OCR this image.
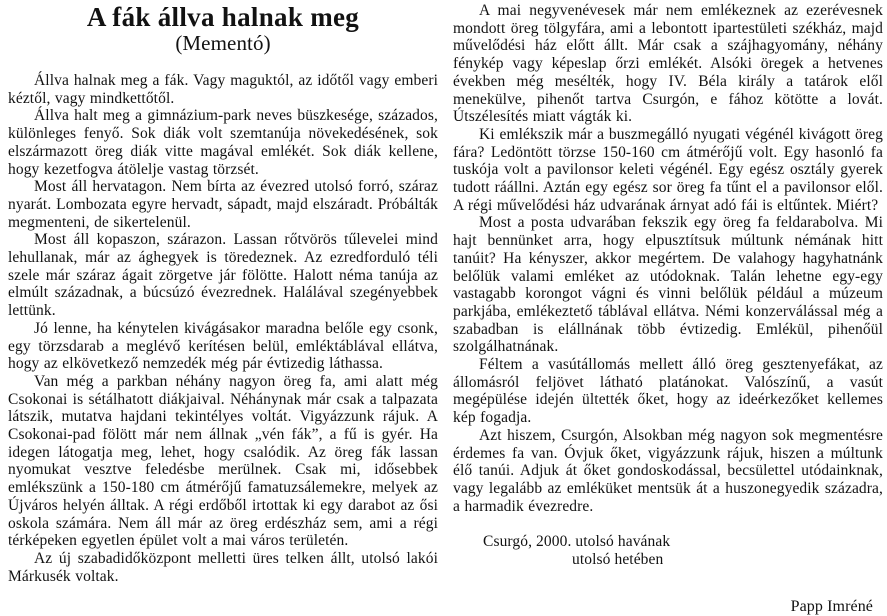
A fák állva halnak meg
(Mementó)

Állva halnak meg a fák. Vagy maguktól, az időtől vagy emberi kéztől, vagy mindkettőtől.

Állva halt meg a gimnázium-park neves büszkesége, százados, különleges fenyő. Sok diák volt szemtanúja növekedésének, sok elszármazott öreg diák vitte magával emlékét. Sok diák kellene, hogy kezetfogva átölelje vastag törzsét.

Most áll hervatagon. Nem bírta az évezred utolsó forró, száraz nyarát. Lombozata egyre hervadt, sápadt, majd elszáradt. Próbálták megmenteni, de sikertelenül.

Most áll kopaszon, szárazon. Lassan rőtvörös tűlevelei mind lehullanak, már az ághegyek is töredeznek. Az ezredforduló téli szele már száraz ágait zörgetve jár fölötte. Halott néma tanúja az elmúlt századnak, a búcsúzó évezrednek. Halálával szegényebbek lettünk.

Jó lenne, ha kénytelen kivágásakor maradna belőle egy csonk, egy törzsdarab a meglévő kerítésen belül, emléktáblával ellátva, hogy az elkövetkező nemzedék még pár évtizedig láthassa.

Van még a parkban néhány nagyon öreg fa, ami alatt még Csokonai is sétálhatott diákjaival. Néhánynak már csak a talpazata látszik, mutatva hajdani tekintélyes voltát. Vigyázzunk rájuk. A Csokonai-pad fölött már nem állnak „vén fák”, a fű is gyér. Ha idegen látogatja meg, lehet, hogy csalódik. Az öreg fák lassan nyomukat vesztve feledésbe merülnek. Csak mi, idősebbek emlékszünk a 150-180 cm átmérőjű famatuzsálemekre, melyek az Újváros helyén álltak. A régi erdőből irtottak ki egy darabot az ősi oskola számára. Nem áll már az öreg erdészház sem, ami a régi térképeken egyetlen épület volt a mai város területén.

Az új szabadidőközpont melletti üres telken állt, utolsó lakói Márkusék voltak.

A mai negyvenévesek már nem emlékeznek az ezerévesnek mondott öreg tölgyfára, ami a lebontott ipartestületi székház, majd művelődési ház előtt állt. Már csak a szájhagyomány, néhány fénykép vagy képeslap őrzi emlékét. Alsóki öregek a hetvenes években még mesélték, hogy IV. Béla király a tatárok elől menekülve, pihenőt tartva Csurgón, e fához kötötte a lovát. Útszélesítés miatt vágták ki.

Ki emlékszik már a buszmegálló nyugati végénél kivágott öreg fára? Ledöntött törzse 150-160 cm átmérőjű volt. Egy hasonló fa tuskója volt a pavilonsor keleti végénél. Egy egész osztály gyerek tudott ráállni. Aztán egy egész sor öreg fa tűnt el a pavilonsor elől. A régi művelődési ház udvarának árnyat adó fái is eltűntek. Miért?

Most a posta udvarában fekszik egy öreg fa feldarabolva. Mi hajt bennünket arra, hogy elpusztítsuk múltunk némának hitt tanúit? Ha kényszer, akkor megértem. De valahogy hagyhatnánk belőlük valami emléket az utódoknak. Talán lehetne egy-egy vastagabb korongot vágni és vinni belőlük például a múzeum parkjába, emlékeztető táblával ellátva. Némi konzerválással még a szabadban is elállnának több évtizedig. Emlékül, pihenőül szolgálhatnának.

Féltem a vasútállomás mellett álló öreg gesztenyefákat, az állomásról feljövet látható platánokat. Valószínű, a vasút megépülése idején ültették őket, hogy az ideérkezőket kellemes kép fogadja.

Azt hiszem, Csurgón, Alsokban még nagyon sok megmentésre érdemes fa van. Óvjuk őket, vigyázzunk rájuk, hiszen a múltunk élő tanúi. Adjuk át őket gondoskodással, becsülettel utódainknak, vagy legalább az emléküket mentsük át a huszonegyedik századra, a harmadik évezredre.

Csurgó, 2000. utolsó havának
utolsó hetében
Papp Imréné
